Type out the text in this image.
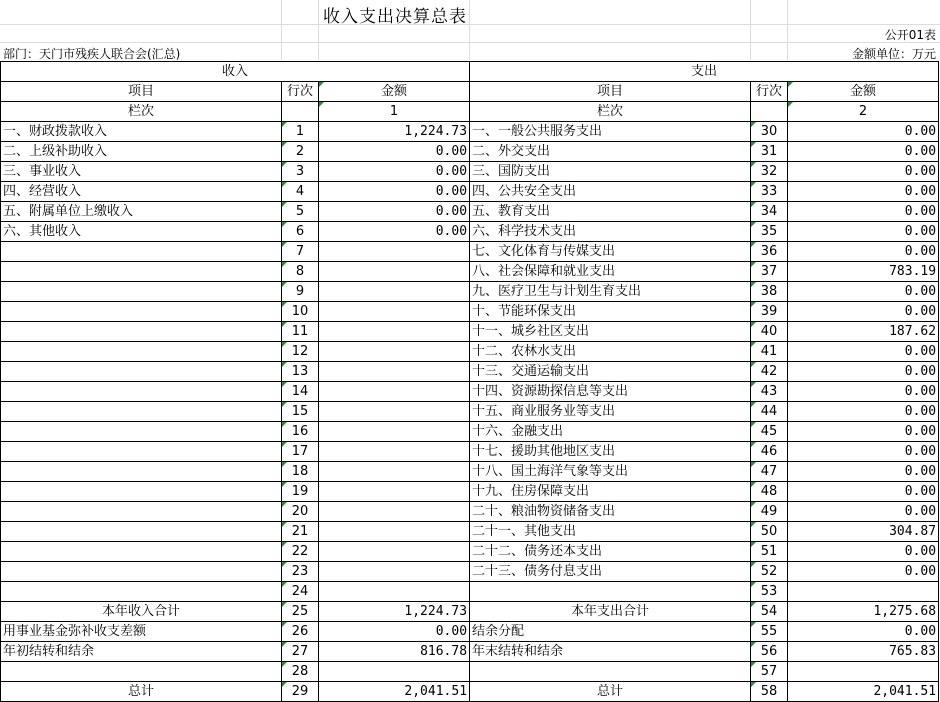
收入支出决算总表
公开01表
部门：天门市残疾人联合会(汇总)	金额单位：万元
收入			支出		
项目	行次	金额	项目	行次	金额
栏次		1	栏次		2
一、财政拨款收入	1	1,224.73	一、一般公共服务支出	30	0.00
二、上级补助收入	2	0.00	二、外交支出	31	0.00
三、事业收入	3	0.00	三、国防支出	32	0.00
四、经营收入	4	0.00	四、公共安全支出	33	0.00
五、附属单位上缴收入	5	0.00	五、教育支出	34	0.00
六、其他收入	6	0.00	六、科学技术支出	35	0.00
	7		七、文化体育与传媒支出	36	0.00
	8		八、社会保障和就业支出	37	783.19
	9		九、医疗卫生与计划生育支出	38	0.00
	10		十、节能环保支出	39	0.00
	11		十一、城乡社区支出	40	187.62
	12		十二、农林水支出	41	0.00
	13		十三、交通运输支出	42	0.00
	14		十四、资源勘探信息等支出	43	0.00
	15		十五、商业服务业等支出	44	0.00
	16		十六、金融支出	45	0.00
	17		十七、援助其他地区支出	46	0.00
	18		十八、国土海洋气象等支出	47	0.00
	19		十九、住房保障支出	48	0.00
	20		二十、粮油物资储备支出	49	0.00
	21		二十一、其他支出	50	304.87
	22		二十二、债务还本支出	51	0.00
	23		二十三、债务付息支出	52	0.00
	24			53	
本年收入合计	25	1,224.73	本年支出合计	54	1,275.68
用事业基金弥补收支差额	26	0.00	结余分配	55	0.00
年初结转和结余	27	816.78	年末结转和结余	56	765.83
	28			57	
总计	29	2,041.51	总计	58	2,041.51
